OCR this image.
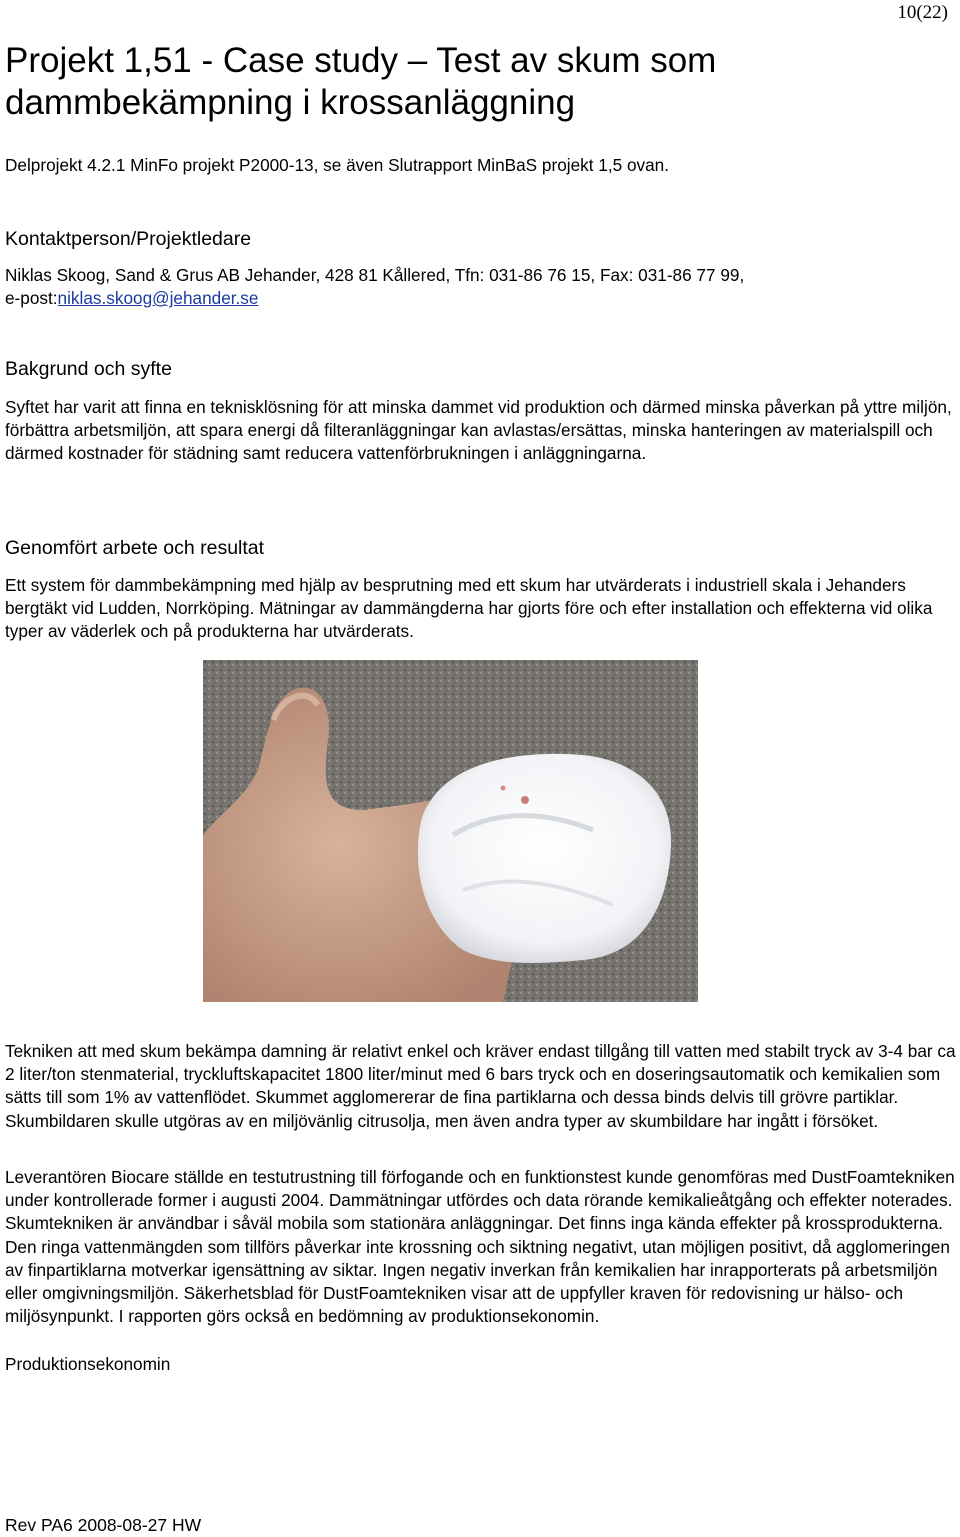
10(22)
Projekt 1,51 - Case study – Test av skum som
dammbekämpning i krossanläggning

Delprojekt 4.2.1 MinFo projekt P2000-13, se även Slutrapport MinBaS projekt 1,5 ovan.

Kontaktperson/Projektledare

Niklas Skoog, Sand & Grus AB Jehander, 428 81 Kållered, Tfn: 031-86 76 15, Fax: 031-86 77 99,
e-post:niklas.skoog@jehander.se

Bakgrund och syfte

Syftet har varit att finna en teknisklösning för att minska dammet vid produktion och därmed minska påverkan på yttre miljön, förbättra arbetsmiljön, att spara energi då filteranläggningar kan avlastas/ersättas, minska hanteringen av materialspill och därmed kostnader för städning samt reducera vattenförbrukningen i anläggningarna.

Genomfört arbete och resultat

Ett system för dammbekämpning med hjälp av besprutning med ett skum har utvärderats i industriell skala i Jehanders bergtäkt vid Ludden, Norrköping. Mätningar av dammängderna har gjorts före och efter installation och effekterna vid olika typer av väderlek och på produkterna har utvärderats.

Tekniken att med skum bekämpa damning är relativt enkel och kräver endast tillgång till vatten med stabilt tryck av 3-4 bar ca 2 liter/ton stenmaterial, tryckluftskapacitet 1800 liter/minut med 6 bars tryck och en doseringsautomatik och kemikalien som sätts till som 1% av vattenflödet. Skummet agglomererar de fina partiklarna och dessa binds delvis till grövre partiklar. Skumbildaren skulle utgöras av en miljövänlig citrusolja, men även andra typer av skumbildare har ingått i försöket.

Leverantören Biocare ställde en testutrustning till förfogande och en funktionstest kunde genomföras med DustFoamtekniken under kontrollerade former i augusti 2004. Dammätningar utfördes och data rörande kemikalieåtgång och effekter noterades. Skumtekniken är användbar i såväl mobila som stationära anläggningar. Det finns inga kända effekter på krossprodukterna. Den ringa vattenmängden som tillförs påverkar inte krossning och siktning negativt, utan möjligen positivt, då agglomeringen av finpartiklarna motverkar igensättning av siktar. Ingen negativ inverkan från kemikalien har inrapporterats på arbetsmiljön eller omgivningsmiljön. Säkerhetsblad för DustFoamtekniken visar att de uppfyller kraven för redovisning ur hälso- och miljösynpunkt. I rapporten görs också en bedömning av produktionsekonomin.

Produktionsekonomin

Rev PA6 2008-08-27 HW
